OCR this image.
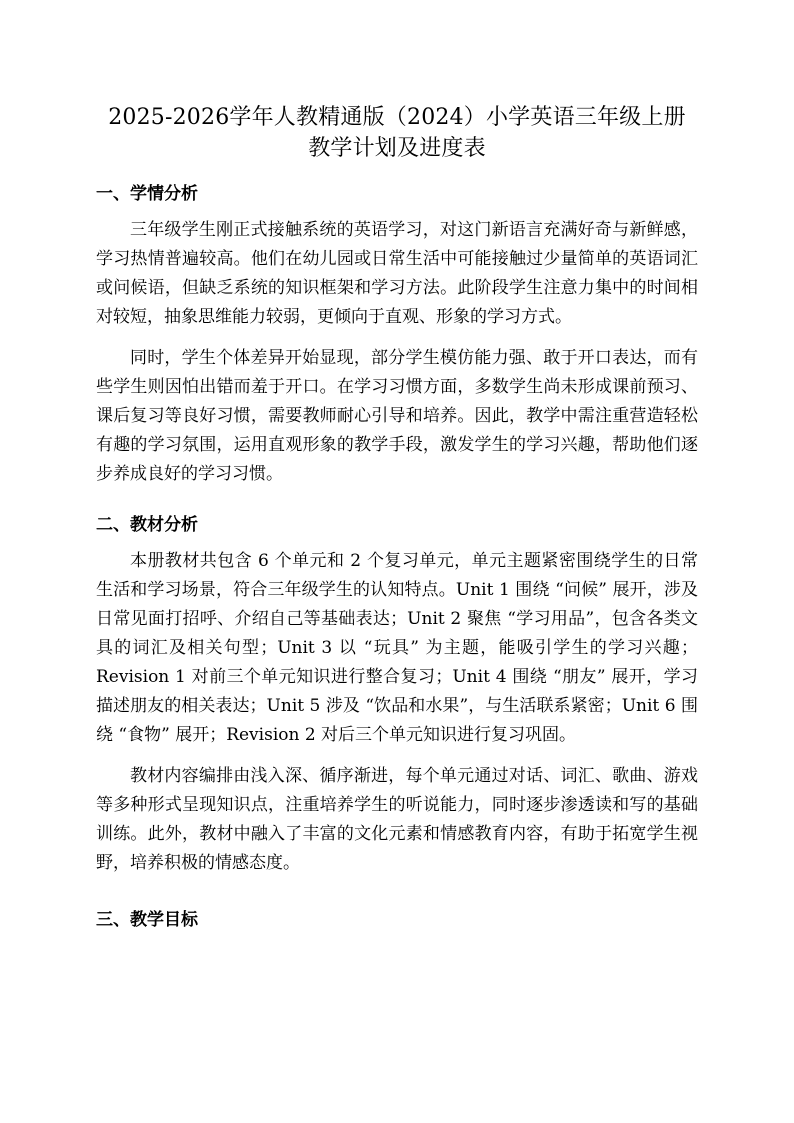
2025-2026学年人教精通版（2024）小学英语三年级上册
教学计划及进度表
一、学情分析

三年级学生刚正式接触系统的英语学习，对这门新语言充满好奇与新鲜感，学习热情普遍较高。他们在幼儿园或日常生活中可能接触过少量简单的英语词汇或问候语，但缺乏系统的知识框架和学习方法。此阶段学生注意力集中的时间相对较短，抽象思维能力较弱，更倾向于直观、形象的学习方式。

同时，学生个体差异开始显现，部分学生模仿能力强、敢于开口表达，而有些学生则因怕出错而羞于开口。在学习习惯方面，多数学生尚未形成课前预习、课后复习等良好习惯，需要教师耐心引导和培养。因此，教学中需注重营造轻松有趣的学习氛围，运用直观形象的教学手段，激发学生的学习兴趣，帮助他们逐步养成良好的学习习惯。

二、教材分析

本册教材共包含 6 个单元和 2 个复习单元，单元主题紧密围绕学生的日常生活和学习场景，符合三年级学生的认知特点。Unit 1 围绕 “问候” 展开，涉及日常见面打招呼、介绍自己等基础表达；Unit 2 聚焦 “学习用品”，包含各类文具的词汇及相关句型；Unit 3 以 “玩具” 为主题，能吸引学生的学习兴趣；Revision 1 对前三个单元知识进行整合复习；Unit 4 围绕 “朋友” 展开，学习描述朋友的相关表达；Unit 5 涉及 “饮品和水果”，与生活联系紧密；Unit 6 围绕 “食物” 展开；Revision 2 对后三个单元知识进行复习巩固。

教材内容编排由浅入深、循序渐进，每个单元通过对话、词汇、歌曲、游戏等多种形式呈现知识点，注重培养学生的听说能力，同时逐步渗透读和写的基础训练。此外，教材中融入了丰富的文化元素和情感教育内容，有助于拓宽学生视野，培养积极的情感态度。

三、教学目标
